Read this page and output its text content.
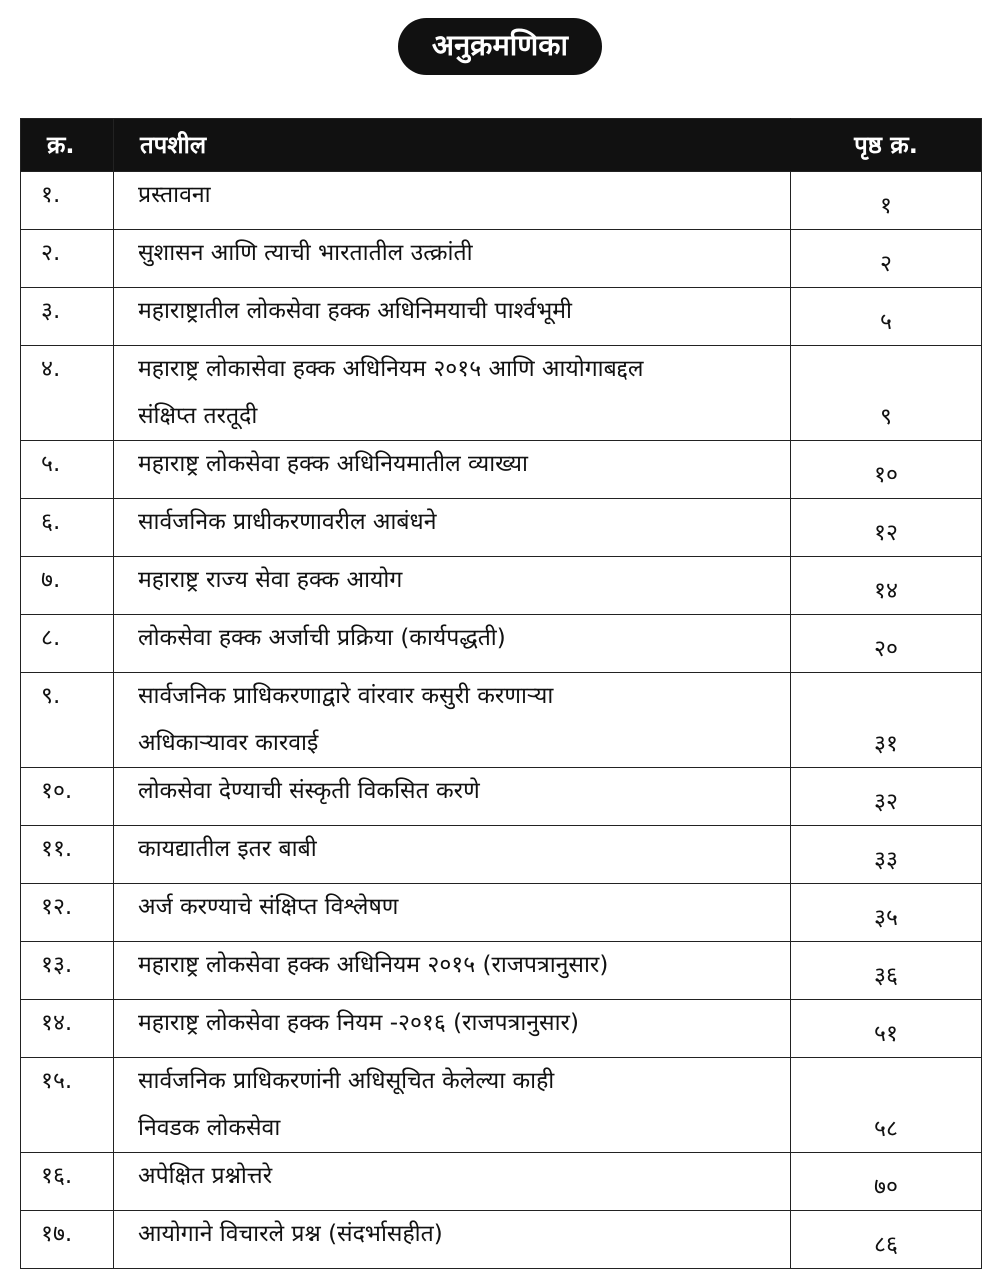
अनुक्रमणिका
क्र.	तपशील	पृष्ठ क्र.
१.	प्रस्तावना	१
२.	सुशासन आणि त्याची भारतातील उत्क्रांती	२
३.	महाराष्ट्रातील लोकसेवा हक्क अधिनिमयाची पार्श्वभूमी	५
४.	महाराष्ट्र लोकासेवा हक्क अधिनियम २०१५ आणि आयोगाबद्दल
संक्षिप्त तरतूदी	९
५.	महाराष्ट्र लोकसेवा हक्क अधिनियमातील व्याख्या	१०
६.	सार्वजनिक प्राधीकरणावरील आबंधने	१२
७.	महाराष्ट्र राज्य सेवा हक्क आयोग	१४
८.	लोकसेवा हक्क अर्जाची प्रक्रिया (कार्यपद्धती)	२०
९.	सार्वजनिक प्राधिकरणाद्वारे वांरवार कसुरी करणाऱ्या
अधिकाऱ्यावर कारवाई	३१
१०.	लोकसेवा देण्याची संस्कृती विकसित करणे	३२
११.	कायद्यातील इतर बाबी	३३
१२.	अर्ज करण्याचे संक्षिप्त विश्लेषण	३५
१३.	महाराष्ट्र लोकसेवा हक्क अधिनियम २०१५ (राजपत्रानुसार)	३६
१४.	महाराष्ट्र लोकसेवा हक्क नियम -२०१६ (राजपत्रानुसार)	५१
१५.	सार्वजनिक प्राधिकरणांनी अधिसूचित केलेल्या काही
निवडक लोकसेवा	५८
१६.	अपेक्षित प्रश्नोत्तरे	७०
१७.	आयोगाने विचारले प्रश्न (संदर्भासहीत)	८६
